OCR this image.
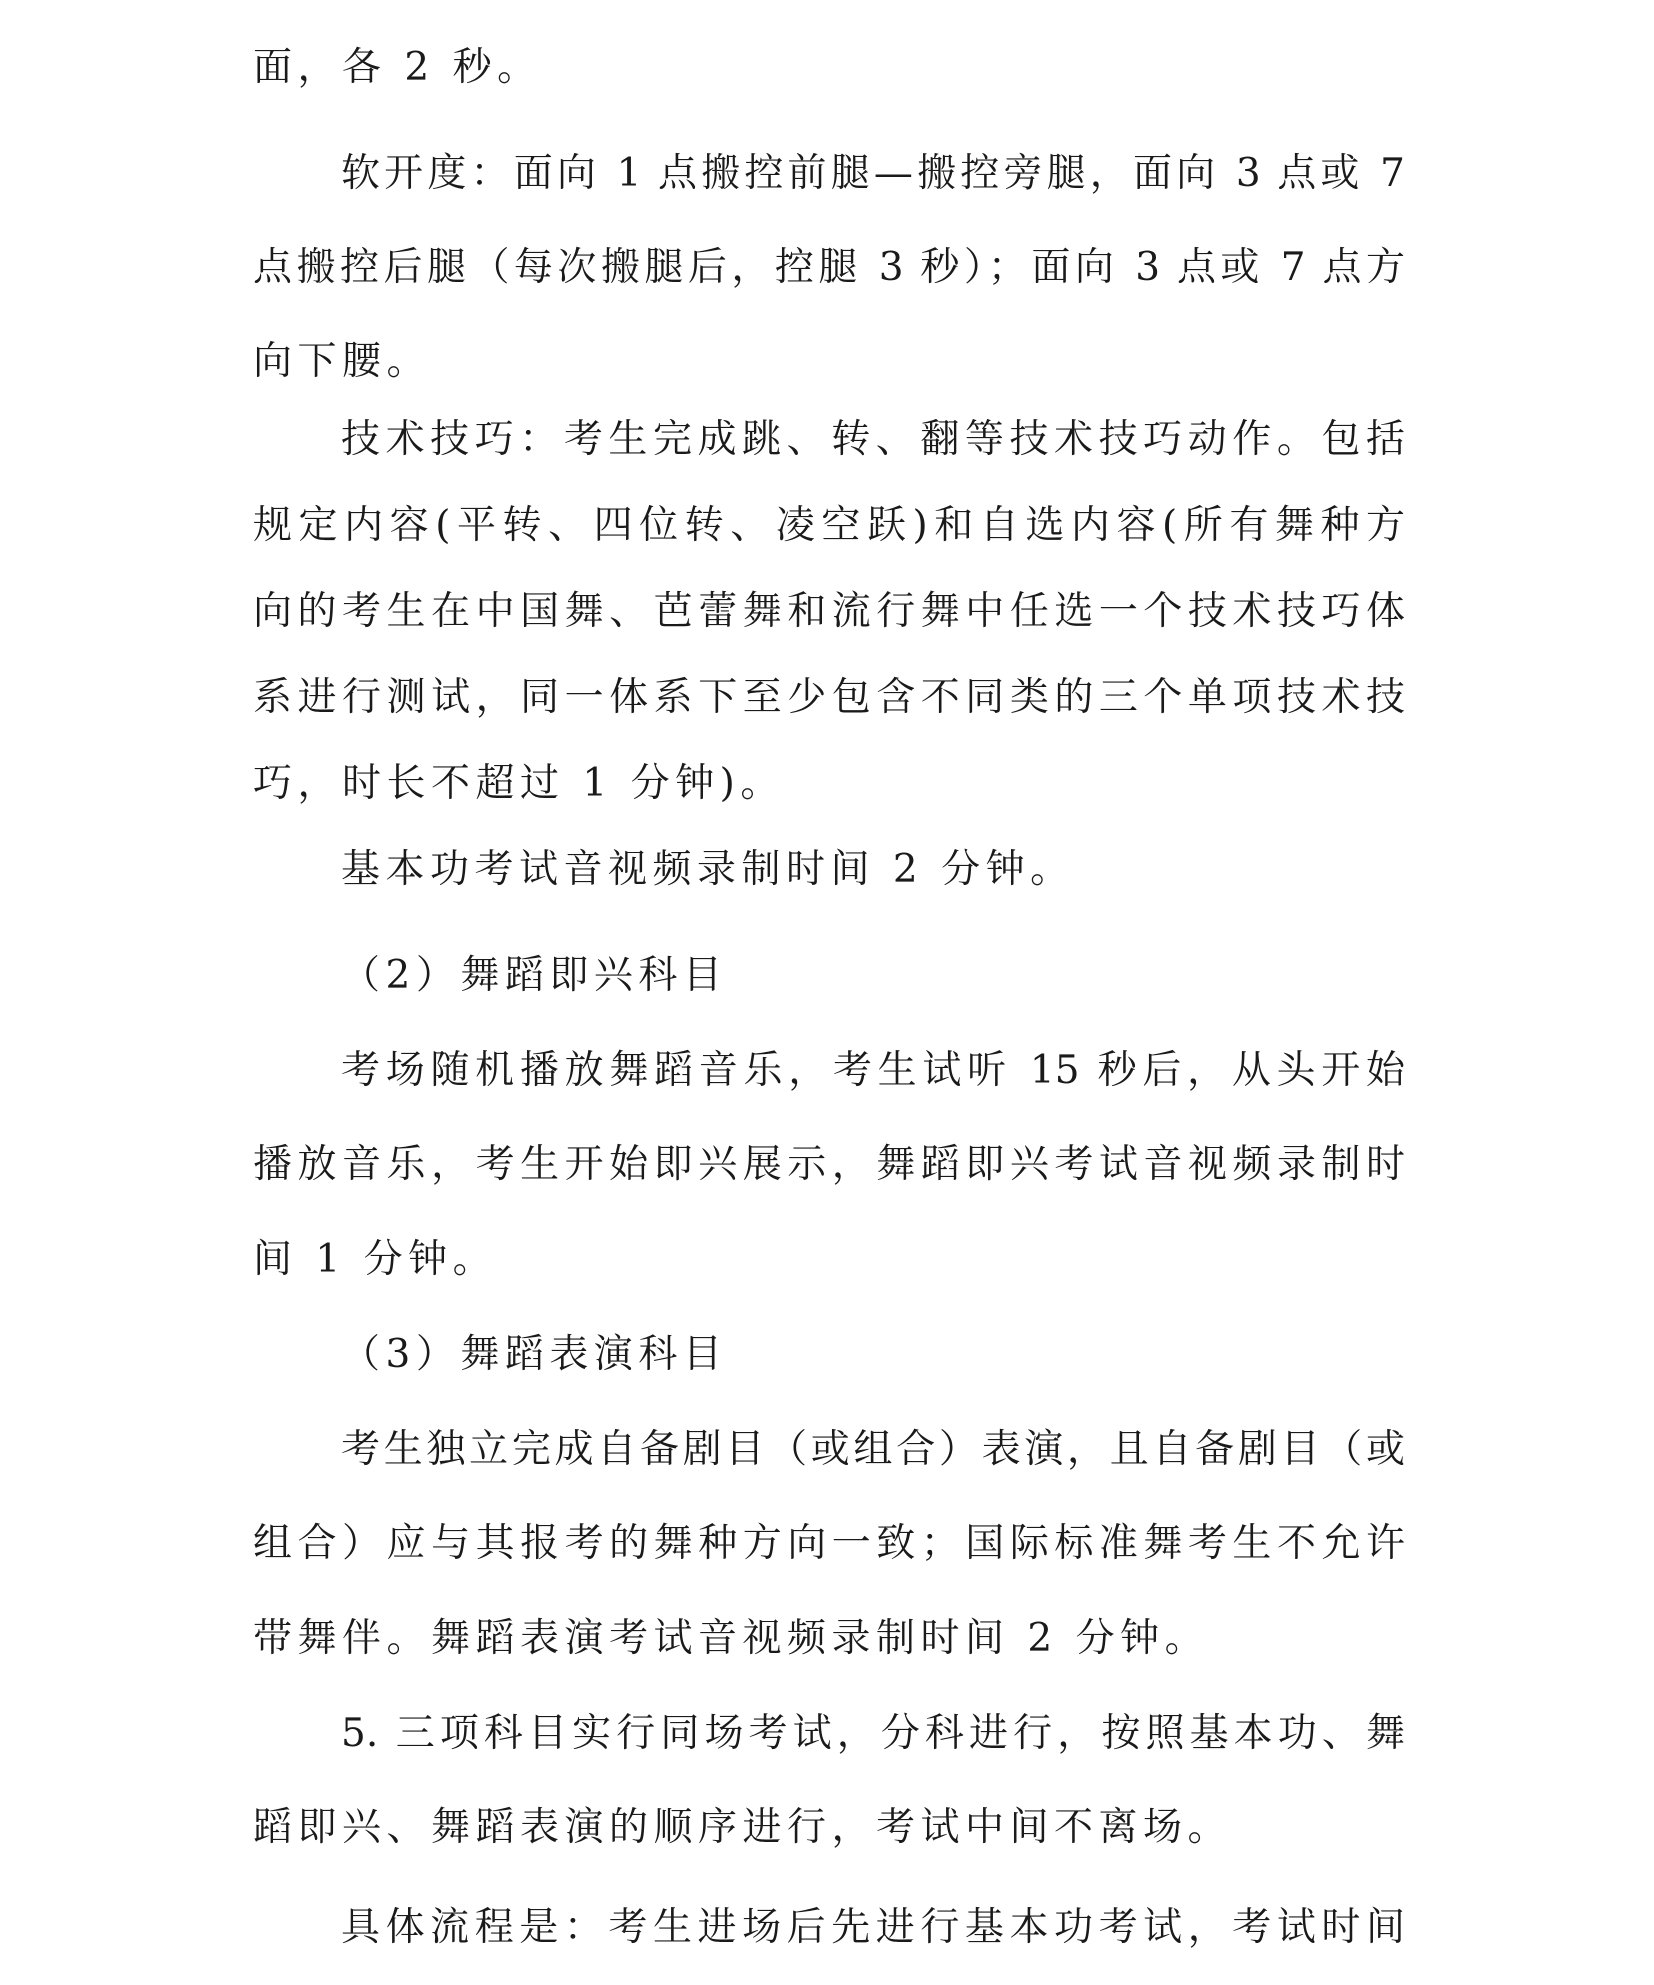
面，各 2 秒。
软开度：面向 1 点搬控前腿—搬控旁腿，面向 3 点或 7
点搬控后腿（每次搬腿后，控腿 3 秒）；面向 3 点或 7 点方
向下腰。
技术技巧：考生完成跳、转、翻等技术技巧动作。包括
规定内容(平转、四位转、凌空跃)和自选内容(所有舞种方
向的考生在中国舞、芭蕾舞和流行舞中任选一个技术技巧体
系进行测试，同一体系下至少包含不同类的三个单项技术技
巧，时长不超过 1 分钟)。
基本功考试音视频录制时间 2 分钟。
（2）舞蹈即兴科目
考场随机播放舞蹈音乐，考生试听 15 秒后，从头开始
播放音乐，考生开始即兴展示，舞蹈即兴考试音视频录制时
间 1 分钟。
（3）舞蹈表演科目
考生独立完成自备剧目（或组合）表演，且自备剧目（或
组合）应与其报考的舞种方向一致；国际标准舞考生不允许
带舞伴。舞蹈表演考试音视频录制时间 2 分钟。
5. 三项科目实行同场考试，分科进行，按照基本功、舞
蹈即兴、舞蹈表演的顺序进行，考试中间不离场。
具体流程是：考生进场后先进行基本功考试，考试时间
